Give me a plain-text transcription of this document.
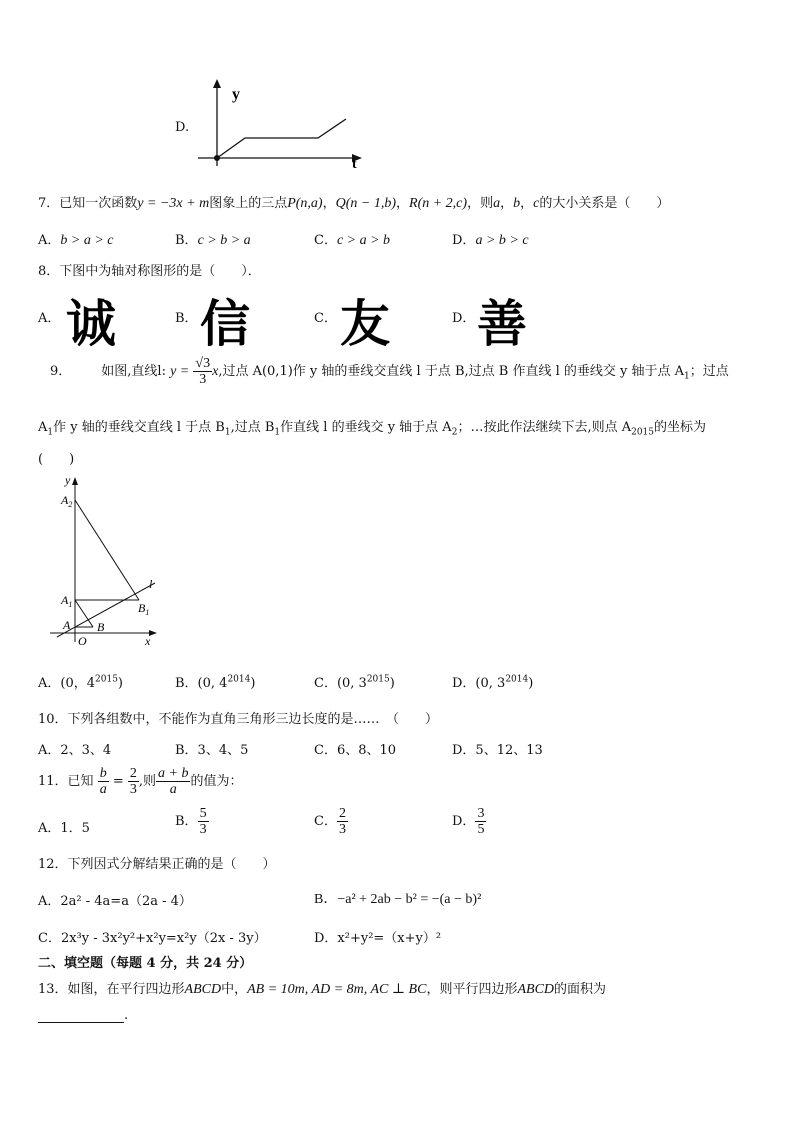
D.
y
t
7．已知一次函数y = −3x + m图象上的三点P(n,a)，Q(n − 1,b)，R(n + 2,c)，则a，b，c的大小关系是（　　）
A．b > a > c	B．c > b > a	C．c > a > b	D．a > b > c
8．下图中为轴对称图形的是（　　）．
A． 诚	B． 信	C． 友	D． 善
9． 如图,直线l: $y = \frac{√3}{3} x$,过点 A(0,1)作 y 轴的垂线交直线 l 于点 B,过点 B 作直线 l 的垂线交 y 轴于点 $A_1$；过点
$A_1$作 y 轴的垂线交直线 l 于点 $B_1$,过点 $B_1$作直线 l 的垂线交 y 轴于点 $A_2$；…按此作法继续下去,则点 $A_{2015}$的坐标为
(　　)
y
x
l
$A_2$
$A_1$	$B_1$
A B
O
A．(0，$4^{2015}$)	B．(0, $4^{2014}$)	C．(0, $3^{2015}$)	D．(0, $3^{2014}$)
10．下列各组数中，不能作为直角三角形三边长度的是……　（　　）
A．2、3、4	B．3、4、5	C．6、8、10	D．5、12、13
11．已知 $\frac{b}{a} = \frac{2}{3}$ ,则 $\frac{a + b}{a}$ 的值为：
A．1．5	B． $\frac{5}{3}$	C． $\frac{2}{3}$	D． $\frac{3}{5}$
12．下列因式分解结果正确的是（　　）
A．2a² - 4a=a（2a - 4）	B．−a² + 2ab − b² = −(a − b)²
C．2x³y - 3x²y²+x²y=x²y（2x - 3y）	D．x²+y²=（x+y）²
二、填空题（每题 4 分，共 24 分）
13．如图，在平行四边形ABCD中，AB = 10m, AD = 8m, AC ⊥ BC，则平行四边形ABCD的面积为
.
